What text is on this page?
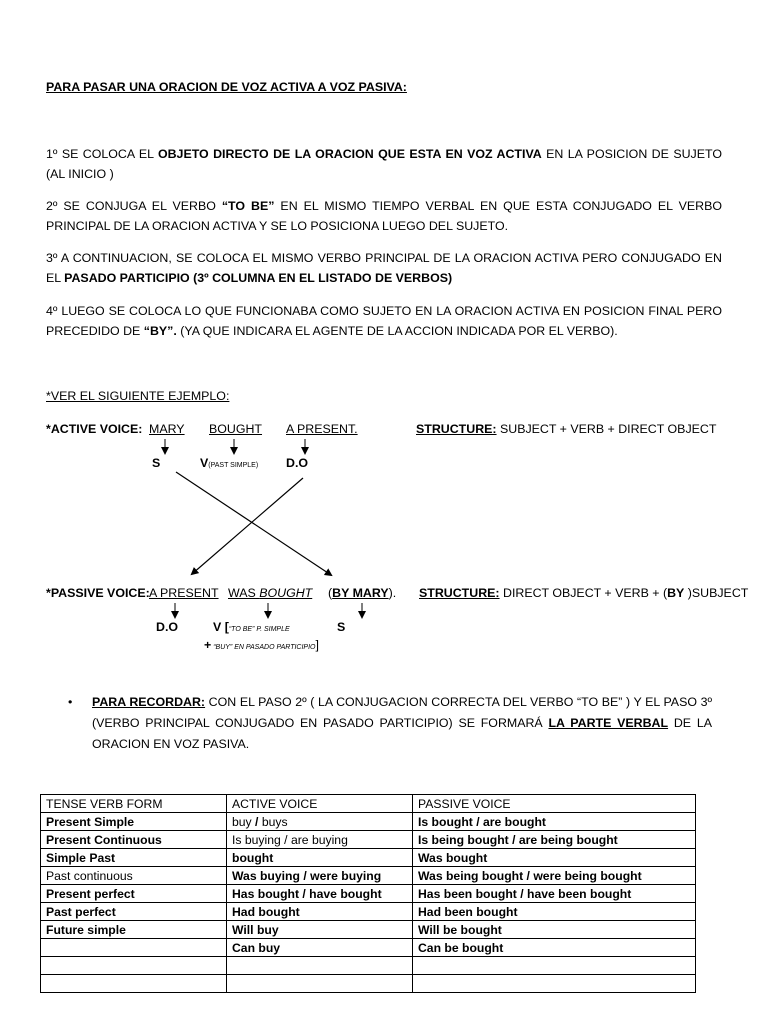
PARA PASAR UNA ORACION DE VOZ ACTIVA A VOZ PASIVA:
1º SE COLOCA EL OBJETO DIRECTO DE LA ORACION QUE ESTA EN VOZ ACTIVA EN LA POSICION DE SUJETO (AL INICIO )
2º SE CONJUGA EL VERBO “TO BE” EN EL MISMO TIEMPO VERBAL EN QUE ESTA CONJUGADO EL VERBO PRINCIPAL DE LA ORACION ACTIVA Y SE LO POSICIONA LUEGO DEL SUJETO.
3º A CONTINUACION, SE COLOCA EL MISMO VERBO PRINCIPAL DE LA ORACION ACTIVA PERO CONJUGADO EN EL PASADO PARTICIPIO (3º COLUMNA EN EL LISTADO DE VERBOS)
4º LUEGO SE COLOCA LO QUE FUNCIONABA COMO SUJETO EN LA ORACION ACTIVA EN POSICION FINAL PERO PRECEDIDO DE “BY”. (YA QUE INDICARA EL AGENTE DE LA ACCION INDICADA POR EL VERBO).
*VER EL SIGUIENTE EJEMPLO:
*ACTIVE VOICE: MARY BOUGHT A PRESENT.	STRUCTURE: SUBJECT + VERB + DIRECT OBJECT
S	V(PAST SIMPLE) D.O
*PASSIVE VOICE: A PRESENT WAS BOUGHT (BY MARY). STRUCTURE: DIRECT OBJECT + VERB + (BY )SUBJECT
D.O	V [“TO BE” P. SIMPLE
+ “BUY” EN PASADO PARTICIPIO]
S
• PARA RECORDAR: CON EL PASO 2º ( LA CONJUGACION CORRECTA DEL VERBO “TO BE” ) Y EL PASO 3º (VERBO PRINCIPAL CONJUGADO EN PASADO PARTICIPIO) SE FORMARÁ LA PARTE VERBAL DE LA ORACION EN VOZ PASIVA.
TENSE VERB FORM	ACTIVE VOICE	PASSIVE VOICE
Present Simple	buy / buys	Is bought / are bought
Present Continuous	Is buying / are buying	Is being bought / are being bought
Simple Past	bought	Was bought
Past continuous	Was buying / were buying	Was being bought / were being bought
Present perfect	Has bought / have bought	Has been bought / have been bought
Past perfect	Had bought	Had been bought
Future simple	Will buy	Will be bought
	Can buy	Can be bought
